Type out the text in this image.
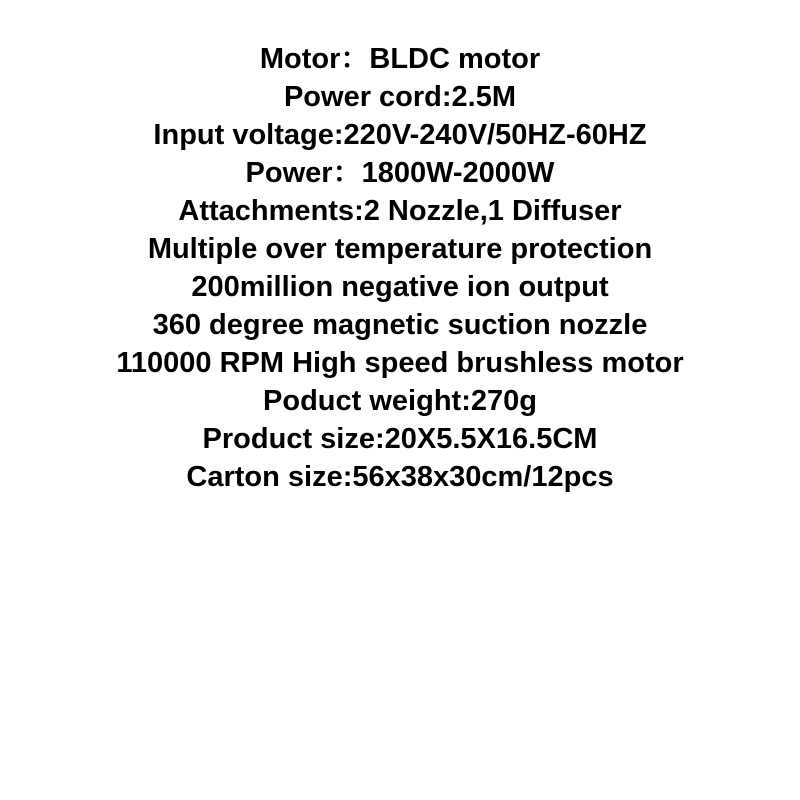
Motor：BLDC motor
Power cord:2.5M
Input voltage:220V-240V/50HZ-60HZ
Power：1800W-2000W
Attachments:2 Nozzle,1 Diffuser
Multiple over temperature protection
200million negative ion output
360 degree magnetic suction nozzle
110000 RPM High speed brushless motor
Poduct weight:270g
Product size:20X5.5X16.5CM
Carton size:56x38x30cm/12pcs
